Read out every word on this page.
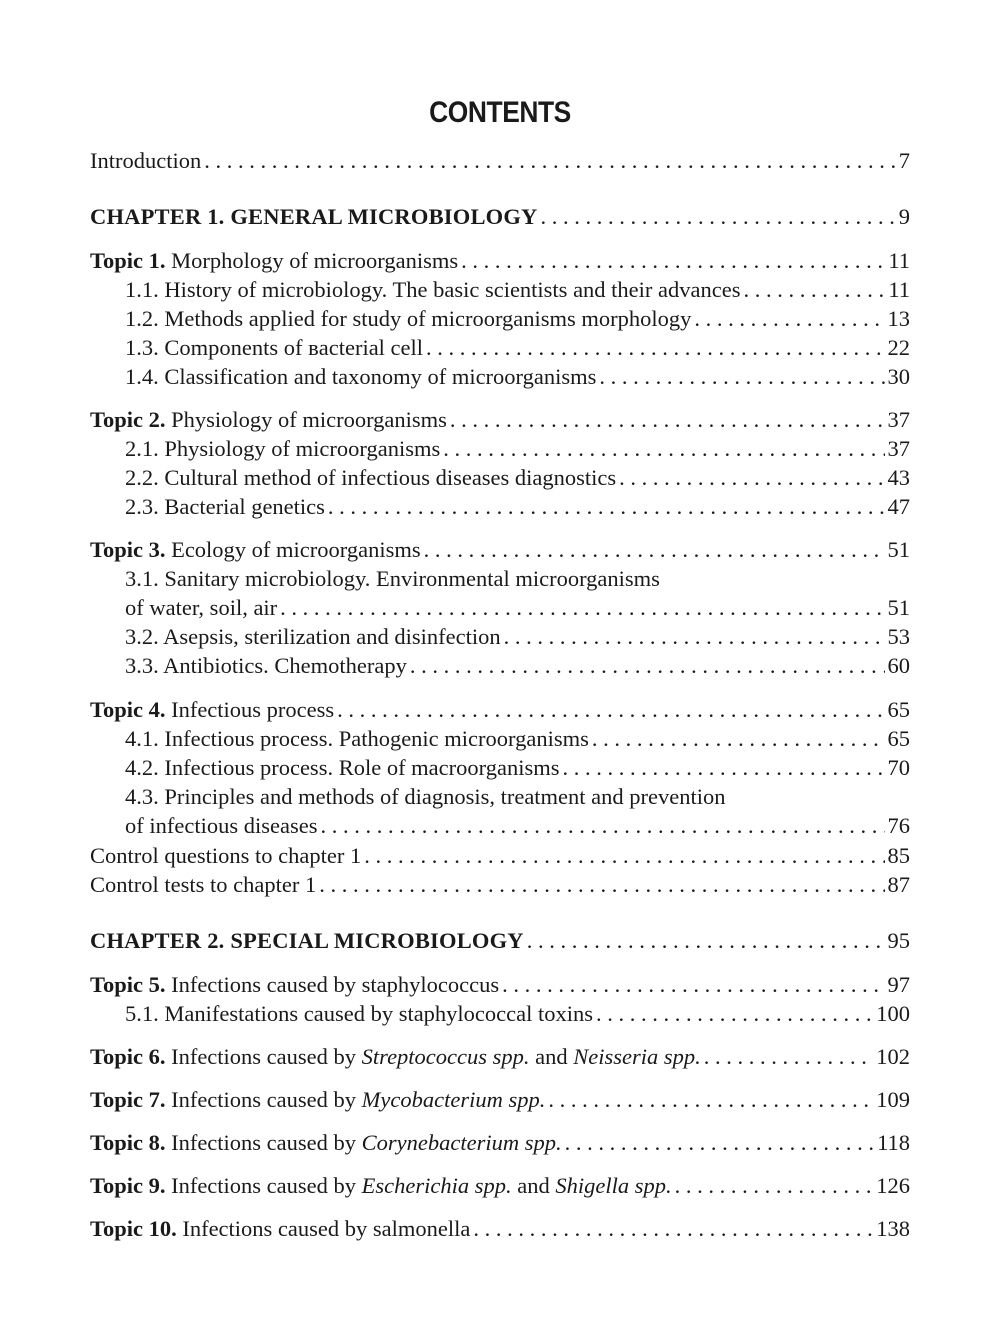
CONTENTS
Introduction . . .	7
CHAPTER 1. GENERAL MICROBIOLOGY . . .	9
Topic 1. Morphology of microorganisms . . .	11
1.1. History of microbiology. The basic scientists and their advances . . .	11
1.2. Methods applied for study of microorganisms morphology . . .	13
1.3. Components of вacterial cell . . .	22
1.4. Classification and taxonomy of microorganisms . . .	30
Topic 2. Physiology of microorganisms . . .	37
2.1. Physiology of microorganisms . . .	37
2.2. Cultural method of infectious diseases diagnostics . . .	43
2.3. Bacterial genetics . . .	47
Topic 3. Ecology of microorganisms . . .	51
3.1. Sanitary microbiology. Environmental microorganisms
of water, soil, air . . .	51
3.2. Asepsis, sterilization and disinfection . . .	53
3.3. Antibiotics. Chemotherapy . . .	60
Topic 4. Infectious process . . .	65
4.1. Infectious process. Pathogenic microorganisms . . .	65
4.2. Infectious process. Role of macroorganisms . . .	70
4.3. Principles and methods of diagnosis, treatment and prevention
of infectious diseases . . .	76
Control questions to chapter 1 . . .	85
Control tests to chapter 1 . . .	87
CHAPTER 2. SPECIAL MICROBIOLOGY . . .	95
Topic 5. Infections caused by staphylococcus . . .	97
5.1. Manifestations caused by staphylococcal toxins . . .	100
Topic 6. Infections caused by Streptococcus spp. and Neisseria spp. . . .	102
Topic 7. Infections caused by Mycobacterium spp. . . .	109
Topic 8. Infections caused by Corynebacterium spp. . . .	118
Topic 9. Infections caused by Escherichia spp. and Shigella spp. . . .	126
Topic 10. Infections caused by salmonella . . .	138
